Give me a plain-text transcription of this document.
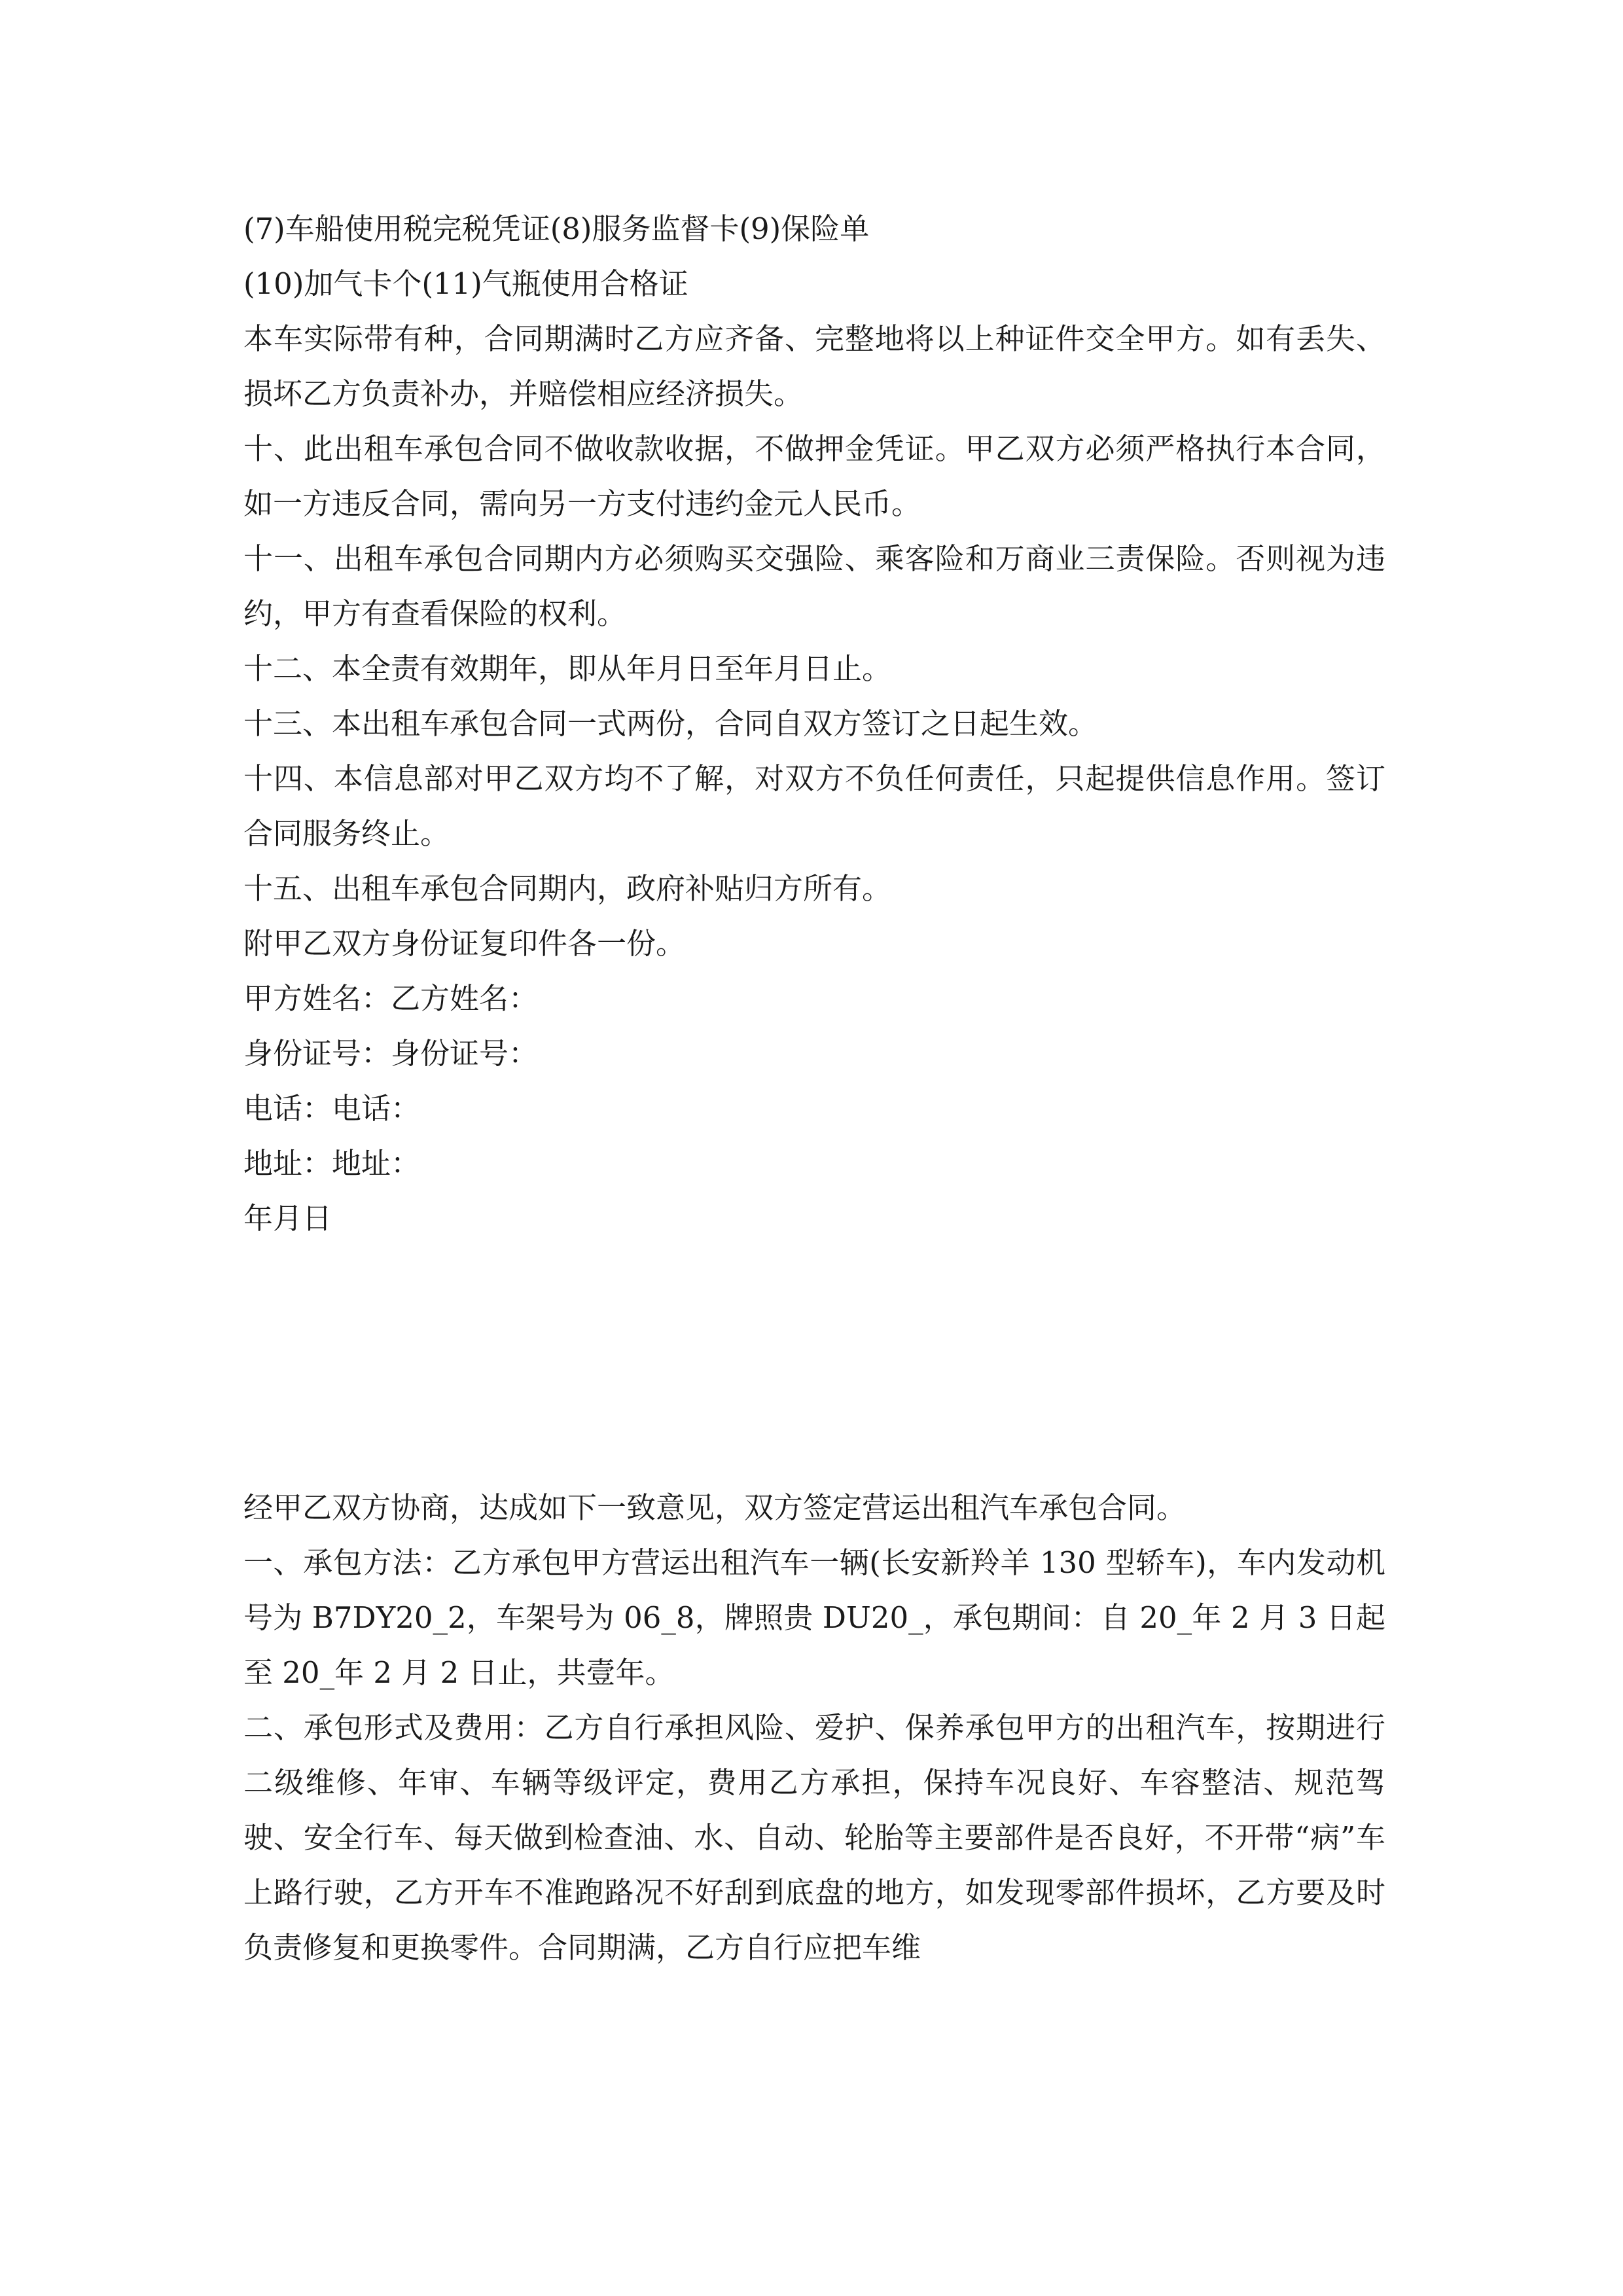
(7)车船使用税完税凭证(8)服务监督卡(9)保险单

(10)加气卡个(11)气瓶使用合格证

本车实际带有种，合同期满时乙方应齐备、完整地将以上种证件交全甲方。如有丢失、损坏乙方负责补办，并赔偿相应经济损失。

十、此出租车承包合同不做收款收据，不做押金凭证。甲乙双方必须严格执行本合同，如一方违反合同，需向另一方支付违约金元人民币。

十一、出租车承包合同期内方必须购买交强险、乘客险和万商业三责保险。否则视为违约，甲方有查看保险的权利。

十二、本全责有效期年，即从年月日至年月日止。

十三、本出租车承包合同一式两份，合同自双方签订之日起生效。

十四、本信息部对甲乙双方均不了解，对双方不负任何责任，只起提供信息作用。签订合同服务终止。

十五、出租车承包合同期内，政府补贴归方所有。

附甲乙双方身份证复印件各一份。

甲方姓名：乙方姓名：

身份证号：身份证号：

电话：电话：

地址：地址：

年月日

经甲乙双方协商，达成如下一致意见，双方签定营运出租汽车承包合同。

一、承包方法：乙方承包甲方营运出租汽车一辆(长安新羚羊 130 型轿车)，车内发动机号为 B7DY20_2，车架号为 06_8，牌照贵 DU20_，承包期间：自 20_年 2 月 3 日起至 20_年 2 月 2 日止，共壹年。

二、承包形式及费用：乙方自行承担风险、爱护、保养承包甲方的出租汽车，按期进行二级维修、年审、车辆等级评定，费用乙方承担，保持车况良好、车容整洁、规范驾驶、安全行车、每天做到检查油、水、自动、轮胎等主要部件是否良好，不开带“病”车上路行驶，乙方开车不准跑路况不好刮到底盘的地方，如发现零部件损坏，乙方要及时负责修复和更换零件。合同期满，乙方自行应把车维
